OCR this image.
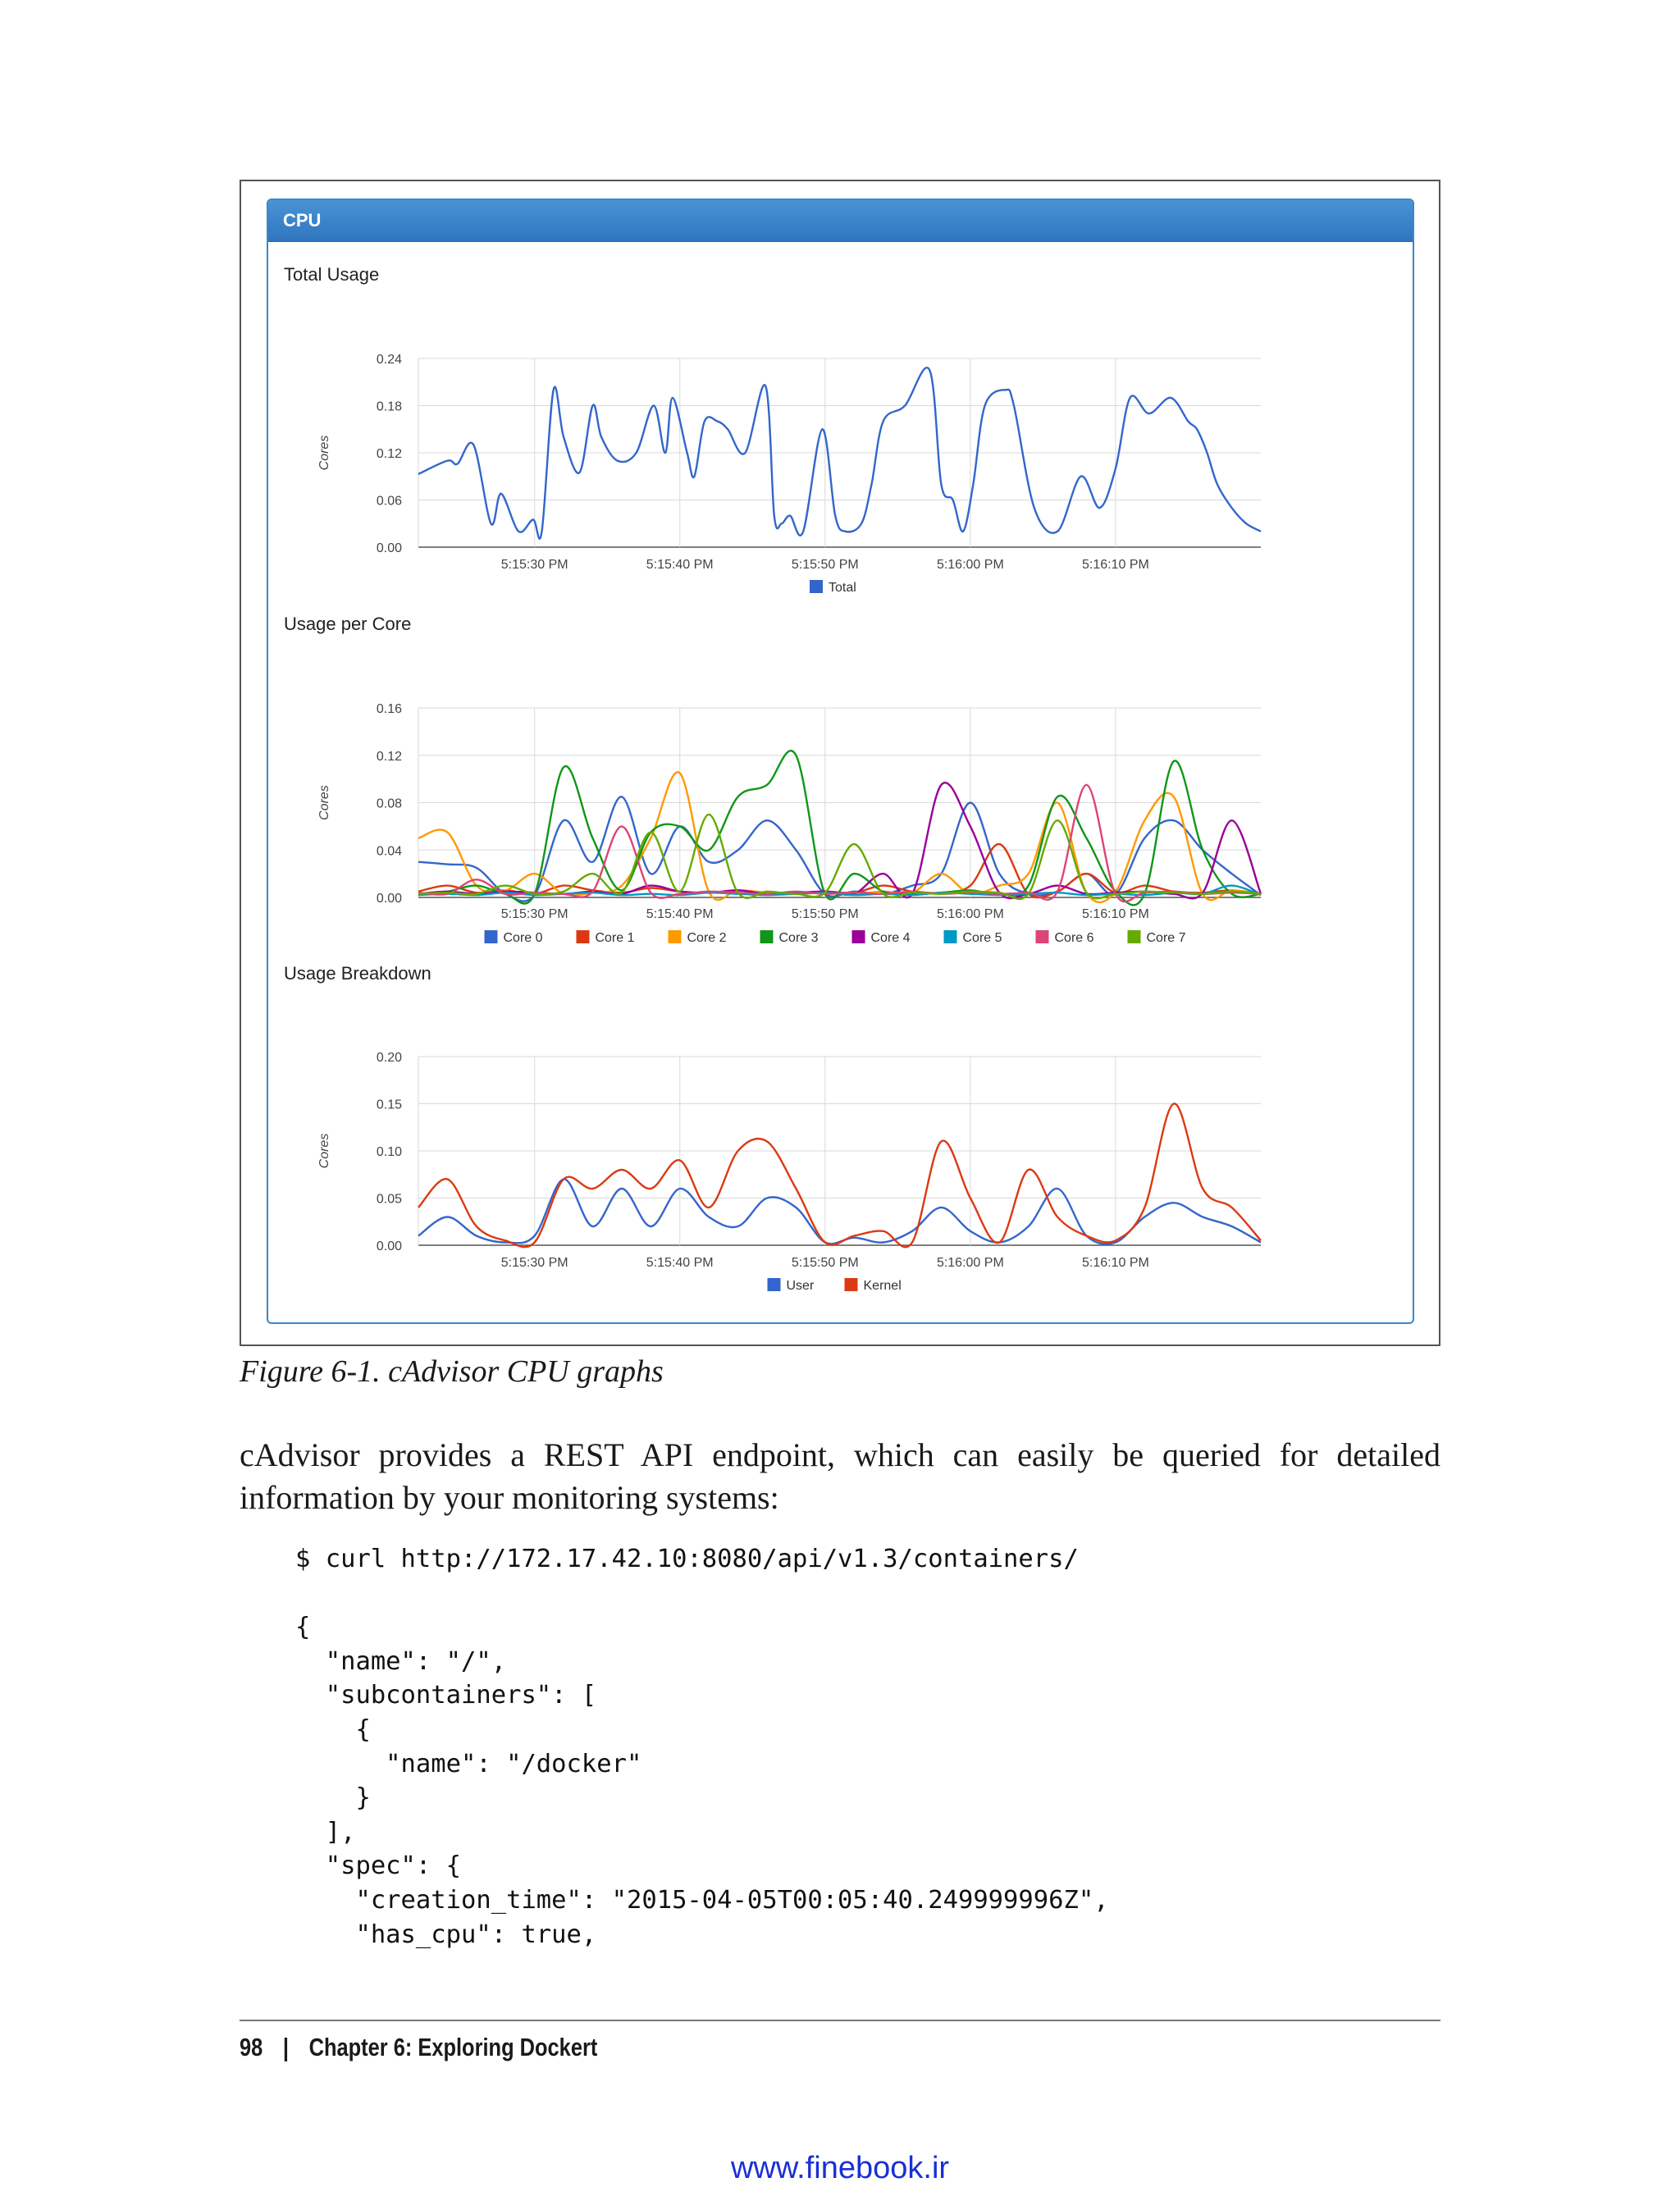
CPU
Total Usage
0.00
0.06
0.12
0.18
0.24
5:15:30 PM	5:15:40 PM	5:15:50 PM	5:16:00 PM	5:16:10 PM
Cores
Total
Usage per Core
0.00
0.04
0.08
0.12
0.16
5:15:30 PM	5:15:40 PM	5:15:50 PM	5:16:00 PM	5:16:10 PM
Cores
Core 0	Core 1	Core 2	Core 3	Core 4	Core 5	Core 6	Core 7
Usage Breakdown
0.00
0.05
0.10
0.15
0.20
5:15:30 PM	5:15:40 PM	5:15:50 PM	5:16:00 PM	5:16:10 PM
Cores
User	Kernel
Figure 6-1. cAdvisor CPU graphs
cAdvisor provides a REST API endpoint, which can easily be queried for detailed information by your monitoring systems:
$ curl http://172.17.42.10:8080/api/v1.3/containers/

{
"name": "/",
"subcontainers": [
{
"name": "/docker"
}
],
"spec": {
"creation_time": "2015-04-05T00:05:40.249999996Z",
"has_cpu": true,
98 | Chapter 6: Exploring Dockert
www.finebook.ir
